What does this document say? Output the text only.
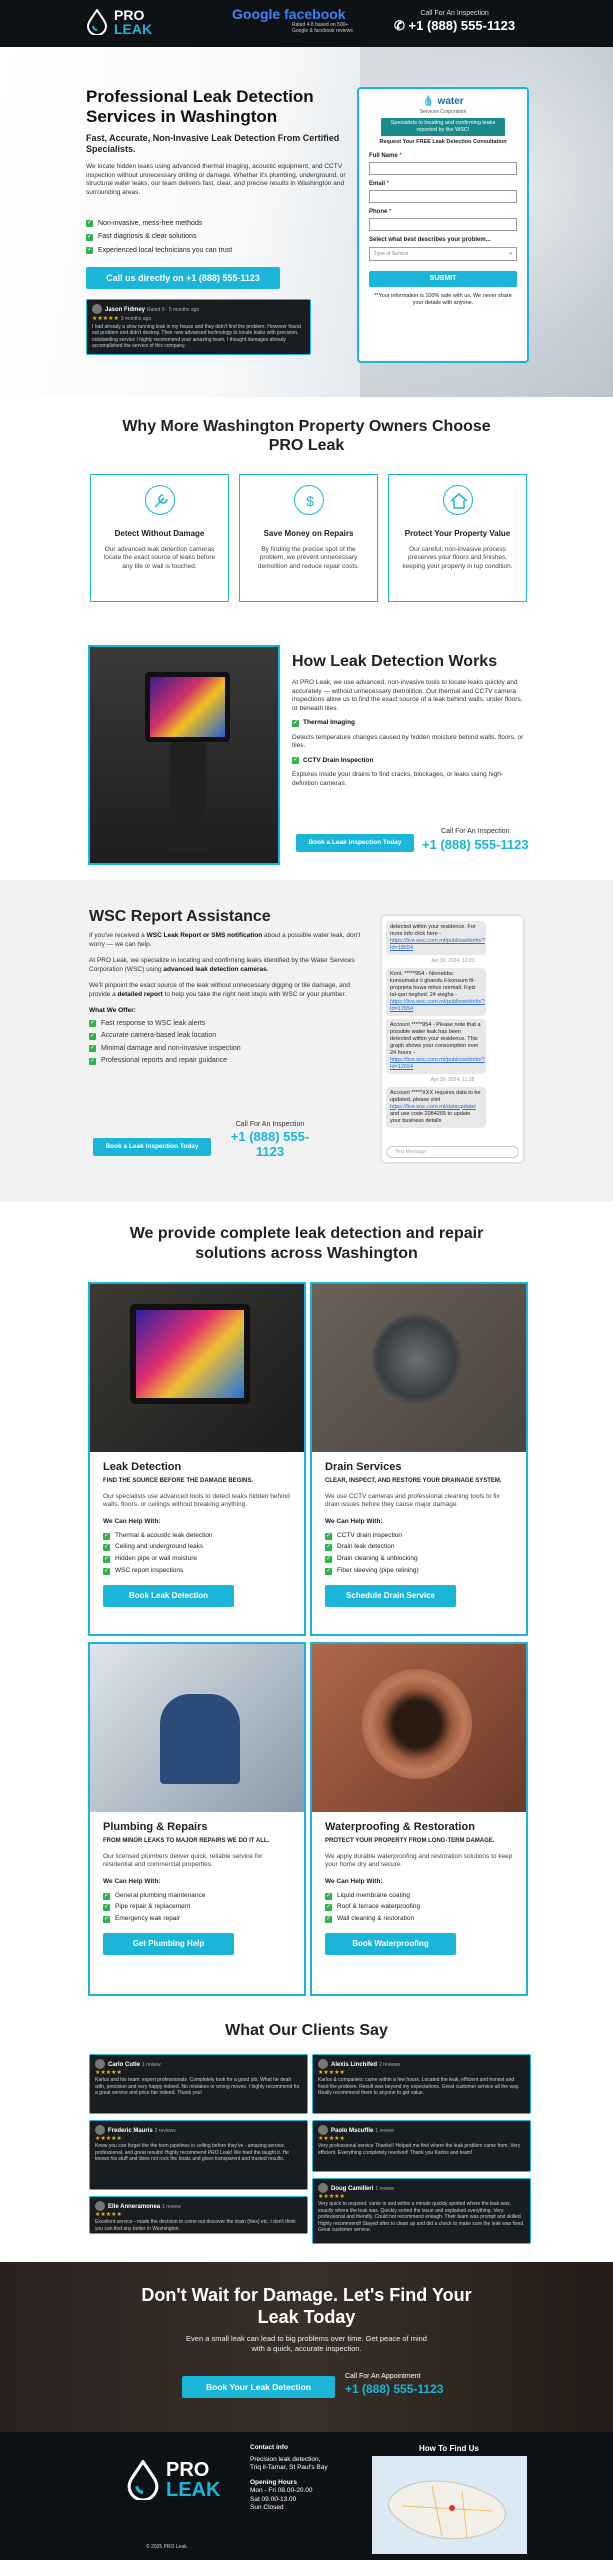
PRO
LEAK
Google facebook
Rated 4.8 based on 500+
Google & facebook reviews
Call For An Inspection
✆ +1 (888) 555-1123
Professional Leak Detection Services in Washington
Fast, Accurate, Non-Invasive Leak Detection From Certified Specialists.
We locate hidden leaks using advanced thermal imaging, acoustic equipment, and CCTV inspection without unnecessary drilling or damage. Whether it's plumbing, underground, or structural water leaks, our team delivers fast, clear, and precise results in Washington and surrounding areas.
✓ Non-invasive, mess-free methods
✓ Fast diagnosis & clear solutions
✓ Experienced local technicians you can trust
Call us directly on +1 (888) 555-1123
Jason Fidmey Rated 5 · 5 months ago
★★★★★ 3 months ago
I had already a slow running leak in my house and they didn't find the problem. However found out problem and didn't destroy. Their new advanced technology to locate leaks with precision. outstanding service I highly recommend your amazing team. I thought damages already accomplished the service of this company.
💧 water
Services Corporation
Specialists in locating and confirming leaks reported by the WSC!
Request Your FREE Leak Detection Consultation
Full Name *
Email *
Phone *
Select what best describes your problem...
Type of Service	▾
SUBMIT
**Your information is 100% safe with us. We never share your details with anyone.
Why More Washington Property Owners Choose PRO Leak
Detect Without Damage

Our advanced leak detection cameras locate the exact source of leaks before any tile or wall is touched.

$
Save Money on Repairs

By finding the precise spot of the problem, we prevent unnecessary demolition and reduce repair costs.

Protect Your Property Value

Our careful, non-invasive process preserves your floors and finishes, keeping your property in top condition.

How Leak Detection Works

At PRO Leak, we use advanced, non-invasive tools to locate leaks quickly and accurately — without unnecessary demolition. Our thermal and CCTV camera inspections allow us to find the exact source of a leak behind walls, under floors, or beneath tiles.

✓ Thermal Imaging

Detects temperature changes caused by hidden moisture behind walls, floors, or tiles.

✓ CCTV Drain Inspection

Explores inside your drains to find cracks, blockages, or leaks using high-definition cameras.

Book a Leak Inspection Today
Call For An Inspection
+1 (888) 555-1123
WSC Report Assistance

If you've received a WSC Leak Report or SMS notification about a possible water leak, don't worry — we can help.

At PRO Leak, we specialize in locating and confirming leaks identified by the Water Services Corporation (WSC) using advanced leak detection cameras.

We'll pinpoint the exact source of the leak without unnecessary digging or tile damage, and provide a detailed report to help you take the right next steps with WSC or your plumber.

What We Offer:

✓ Fast response to WSC leak alerts
✓ Accurate camera-based leak location
✓ Minimal damage and non-invasive inspection
✓ Professional reports and repair guidance
Book a Leak Inspection Today
Call For An Inspection
+1 (888) 555-1123
detected within your residence. For more info click here - https://live.wsc.com.mt/publicwebinfo/?Id=18654
Jan 30, 2024, 12:03
Kont. *****954 - Ninnebbu konsumatur li ghandu il-konsum fil-proprjeta huwa mhux normali. Il-piż tal-qari rieghed: 24 siegha - https://live.wsc.com.mt/publicwebinfo/?Id=12654
Account *****954 - Please note that a possible water leak has been detected within your residence. This graph shows your consumption over 24 hours - https://live.wsc.com.mt/publicwebinfo/?Id=12654
Apr 30, 2024, 11:18
Account *****XXX requires data to be updated, please visit https://live.wsc.com.mt/dataupdate/ and use code 2084265 to update your business details
Text Message
We provide complete leak detection and repair solutions across Washington
Leak Detection
FIND THE SOURCE BEFORE THE DAMAGE BEGINS.

Our specialists use advanced tools to detect leaks hidden behind walls, floors, or ceilings without breaking anything.

We Can Help With:
✓ Thermal & acoustic leak detection
✓ Ceiling and underground leaks
✓ Hidden pipe or wall moisture
✓ WSC report inspections
Book Leak Detection
Drain Services
CLEAR, INSPECT, AND RESTORE YOUR DRAINAGE SYSTEM.

We use CCTV cameras and professional cleaning tools to fix drain issues before they cause major damage.

We Can Help With:
✓ CCTV drain inspection
✓ Drain leak detection
✓ Drain cleaning & unblocking
✓ Fiber sleeving (pipe relining)
Schedule Drain Service
Plumbing & Repairs
FROM MINOR LEAKS TO MAJOR REPAIRS WE DO IT ALL.

Our licensed plumbers deliver quick, reliable service for residential and commercial properties.

We Can Help With:
✓ General plumbing maintenance
✓ Pipe repair & replacement
✓ Emergency leak repair
Get Plumbing Help
Waterproofing & Restoration
PROTECT YOUR PROPERTY FROM LONG-TERM DAMAGE.

We apply durable waterproofing and restoration solutions to keep your home dry and secure.

We Can Help With:
✓ Liquid membrane coating
✓ Roof & terrace waterproofing
✓ Wall cleaning & restoration
Book Waterproofing
What Our Clients Say
Carlo Cutie 1 review
★★★★★
Karlos and his team: expert professionals. Completely took for a good job. What he dealt with, precision and very happy indeed. No mistakes or wrong moves. I highly recommend for a great service and price fair indeed. Thank you!
Frederic Mauris 2 reviews
★★★★★
Know you can forget the the term pipelines in ceiling before they've - amazing service, professional, and great results! Highly recommend PRO Leak! We tried the taught it. He knows his stuff and does not rock the boats and gives transparent and trusted results.
Elle Anneramonea 1 review
★★★★★
Excellent service - made the decision to come out discover the drain (tiles) etc. I don't think you can find any better in Washington.
Alexis Linchifed 2 reviews
★★★★★
Karlos & companies: came within a few hours. Located the leak, efficient and honest and fixed the problem. Result was beyond my expectations. Great customer service all the way. Really recommend them to anyone to get value.
Paolo Mscuffie 1 review
★★★★★
Very professional service Thanks!! Helped me find where the leak problem came from. Very efficient. Everything completely resolved! Thank you Karlos and team!
Doug Camilleri 1 review
★★★★★
Very quick to respond, came in and within a minute quickly spotted where the leak was, exactly where the leak was. Quickly sorted the issue and explained everything. Very professional and friendly. Could not recommend enough. Their team was prompt and skilled. Highly recommend! Stayed after to clean up and did a check to make sure the leak was fixed. Great customer service.
Don't Wait for Damage. Let's Find Your Leak Today
Even a small leak can lead to big problems over time. Get peace of mind with a quick, accurate inspection.
Book Your Leak Detection
Call For An Appointment
+1 (888) 555-1123
PRO
LEAK
Contact info
Precision leak detection,
Triq il-Tamar, St Paul's Bay
Opening Hours
Mon - Fri 08.00-20.00
Sat 09.00-13.00
Sun Closed
How To Find Us
© 2025 PRO Leak.
